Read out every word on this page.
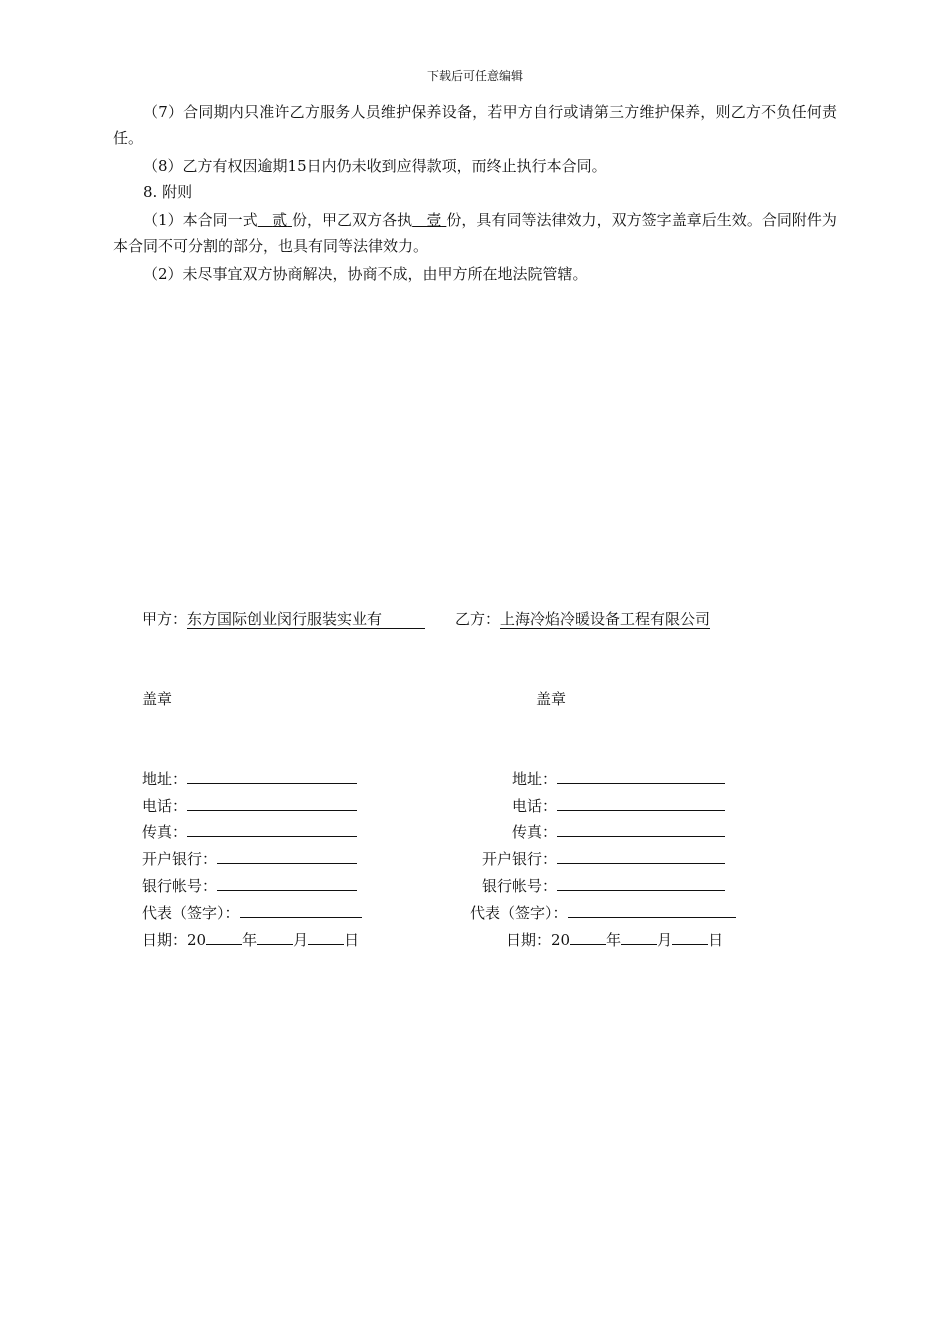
下载后可任意编辑
（7）合同期内只准许乙方服务人员维护保养设备，若甲方自行或请第三方维护保养，则乙方不负任何责任。
（8）乙方有权因逾期15日内仍未收到应得款项，而终止执行本合同。
8. 附则
（1）本合同一式 贰 份，甲乙双方各执 壹 份，具有同等法律效力，双方签字盖章后生效。合同附件为本合同不可分割的部分，也具有同等法律效力。
（2）未尽事宜双方协商解决，协商不成，由甲方所在地法院管辖。
甲方：东方国际创业闵行服装实业有	乙方：上海冷焰冷暖设备工程有限公司
盖章	盖章
地址：
电话：
传真：
开户银行：
银行帐号：
代表（签字）：
日期：20 年 月 日
地址：
电话：
传真：
开户银行：
银行帐号：
代表（签字）：
日期：20 年 月 日
